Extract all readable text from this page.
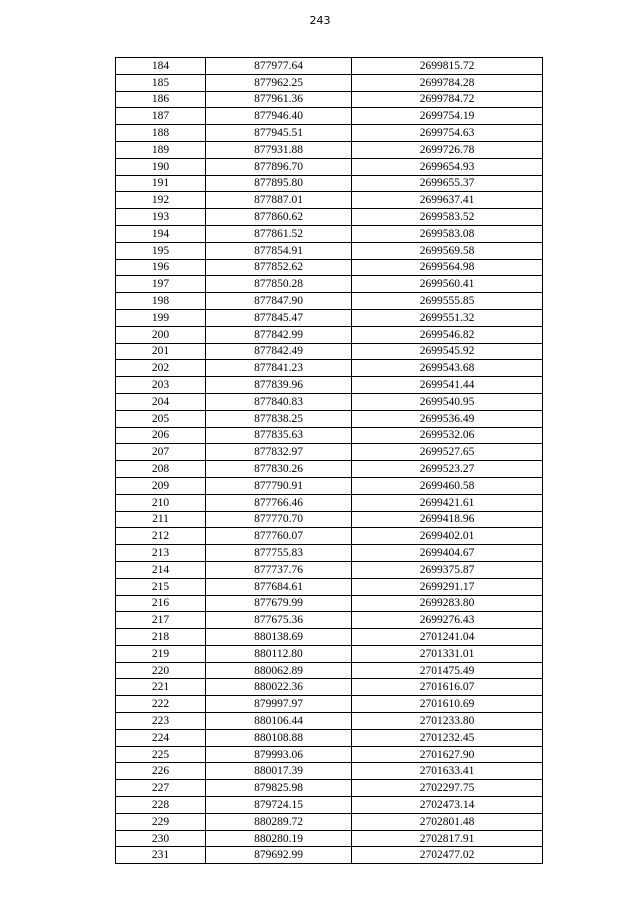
243
184	877977.64	2699815.72
185	877962.25	2699784.28
186	877961.36	2699784.72
187	877946.40	2699754.19
188	877945.51	2699754.63
189	877931.88	2699726.78
190	877896.70	2699654.93
191	877895.80	2699655.37
192	877887.01	2699637.41
193	877860.62	2699583.52
194	877861.52	2699583.08
195	877854.91	2699569.58
196	877852.62	2699564.98
197	877850.28	2699560.41
198	877847.90	2699555.85
199	877845.47	2699551.32
200	877842.99	2699546.82
201	877842.49	2699545.92
202	877841.23	2699543.68
203	877839.96	2699541.44
204	877840.83	2699540.95
205	877838.25	2699536.49
206	877835.63	2699532.06
207	877832.97	2699527.65
208	877830.26	2699523.27
209	877790.91	2699460.58
210	877766.46	2699421.61
211	877770.70	2699418.96
212	877760.07	2699402.01
213	877755.83	2699404.67
214	877737.76	2699375.87
215	877684.61	2699291.17
216	877679.99	2699283.80
217	877675.36	2699276.43
218	880138.69	2701241.04
219	880112.80	2701331.01
220	880062.89	2701475.49
221	880022.36	2701616.07
222	879997.97	2701610.69
223	880106.44	2701233.80
224	880108.88	2701232.45
225	879993.06	2701627.90
226	880017.39	2701633.41
227	879825.98	2702297.75
228	879724.15	2702473.14
229	880289.72	2702801.48
230	880280.19	2702817.91
231	879692.99	2702477.02
